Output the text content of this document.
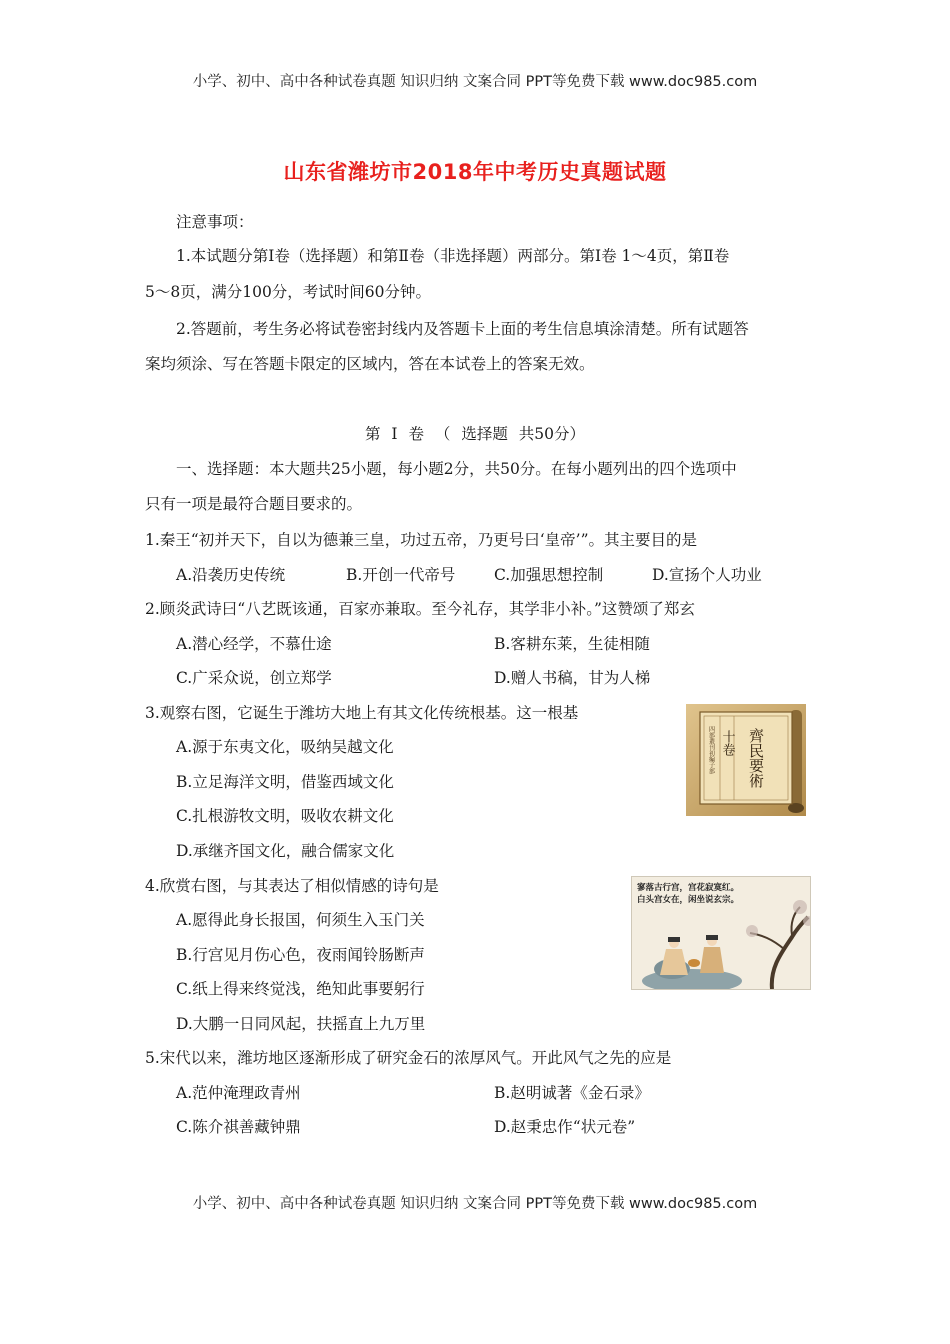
小学、初中、高中各种试卷真题 知识归纳 文案合同 PPT等免费下载 www.doc985.com
山东省潍坊市2018年中考历史真题试题
注意事项：
1.本试题分第Ⅰ卷（选择题）和第Ⅱ卷（非选择题）两部分。第Ⅰ卷 1～4页，第Ⅱ卷
5～8页，满分100分，考试时间60分钟。
2.答题前，考生务必将试卷密封线内及答题卡上面的考生信息填涂清楚。所有试题答
案均须涂、写在答题卡限定的区域内，答在本试卷上的答案无效。
第 Ⅰ 卷 （ 选择题 共50分）
一、选择题：本大题共25小题，每小题2分，共50分。在每小题列出的四个选项中
只有一项是最符合题目要求的。
1.秦王“初并天下，自以为德兼三皇，功过五帝，乃更号曰‘皇帝’”。其主要目的是
A.沿袭历史传统	B.开创一代帝号 C.加强思想控制	D.宣扬个人功业
2.顾炎武诗曰“八艺既该通，百家亦兼取。至今礼存，其学非小补。”这赞颂了郑玄
A.潜心经学，不慕仕途	B.客耕东莱，生徒相随
C.广采众说，创立郑学	D.赠人书稿，甘为人梯
3.观察右图，它诞生于潍坊大地上有其文化传统根基。这一根基
A.源于东夷文化，吸纳吴越文化
B.立足海洋文明，借鉴西域文化
C.扎根游牧文明，吸收农耕文化
D.承继齐国文化，融合儒家文化
四部叢刊初編子部 十卷 齊民要術
4.欣赏右图，与其表达了相似情感的诗句是
A.愿得此身长报国，何须生入玉门关
B.行宫见月伤心色，夜雨闻铃肠断声
C.纸上得来终觉浅，绝知此事要躬行
D.大鹏一日同风起，扶摇直上九万里
寥落古行宫，宫花寂寞红。
白头宫女在，闲坐说玄宗。
5.宋代以来，潍坊地区逐渐形成了研究金石的浓厚风气。开此风气之先的应是
A.范仲淹理政青州	B.赵明诚著《金石录》
C.陈介祺善藏钟鼎	D.赵秉忠作“状元卷”
小学、初中、高中各种试卷真题 知识归纳 文案合同 PPT等免费下载 www.doc985.com
